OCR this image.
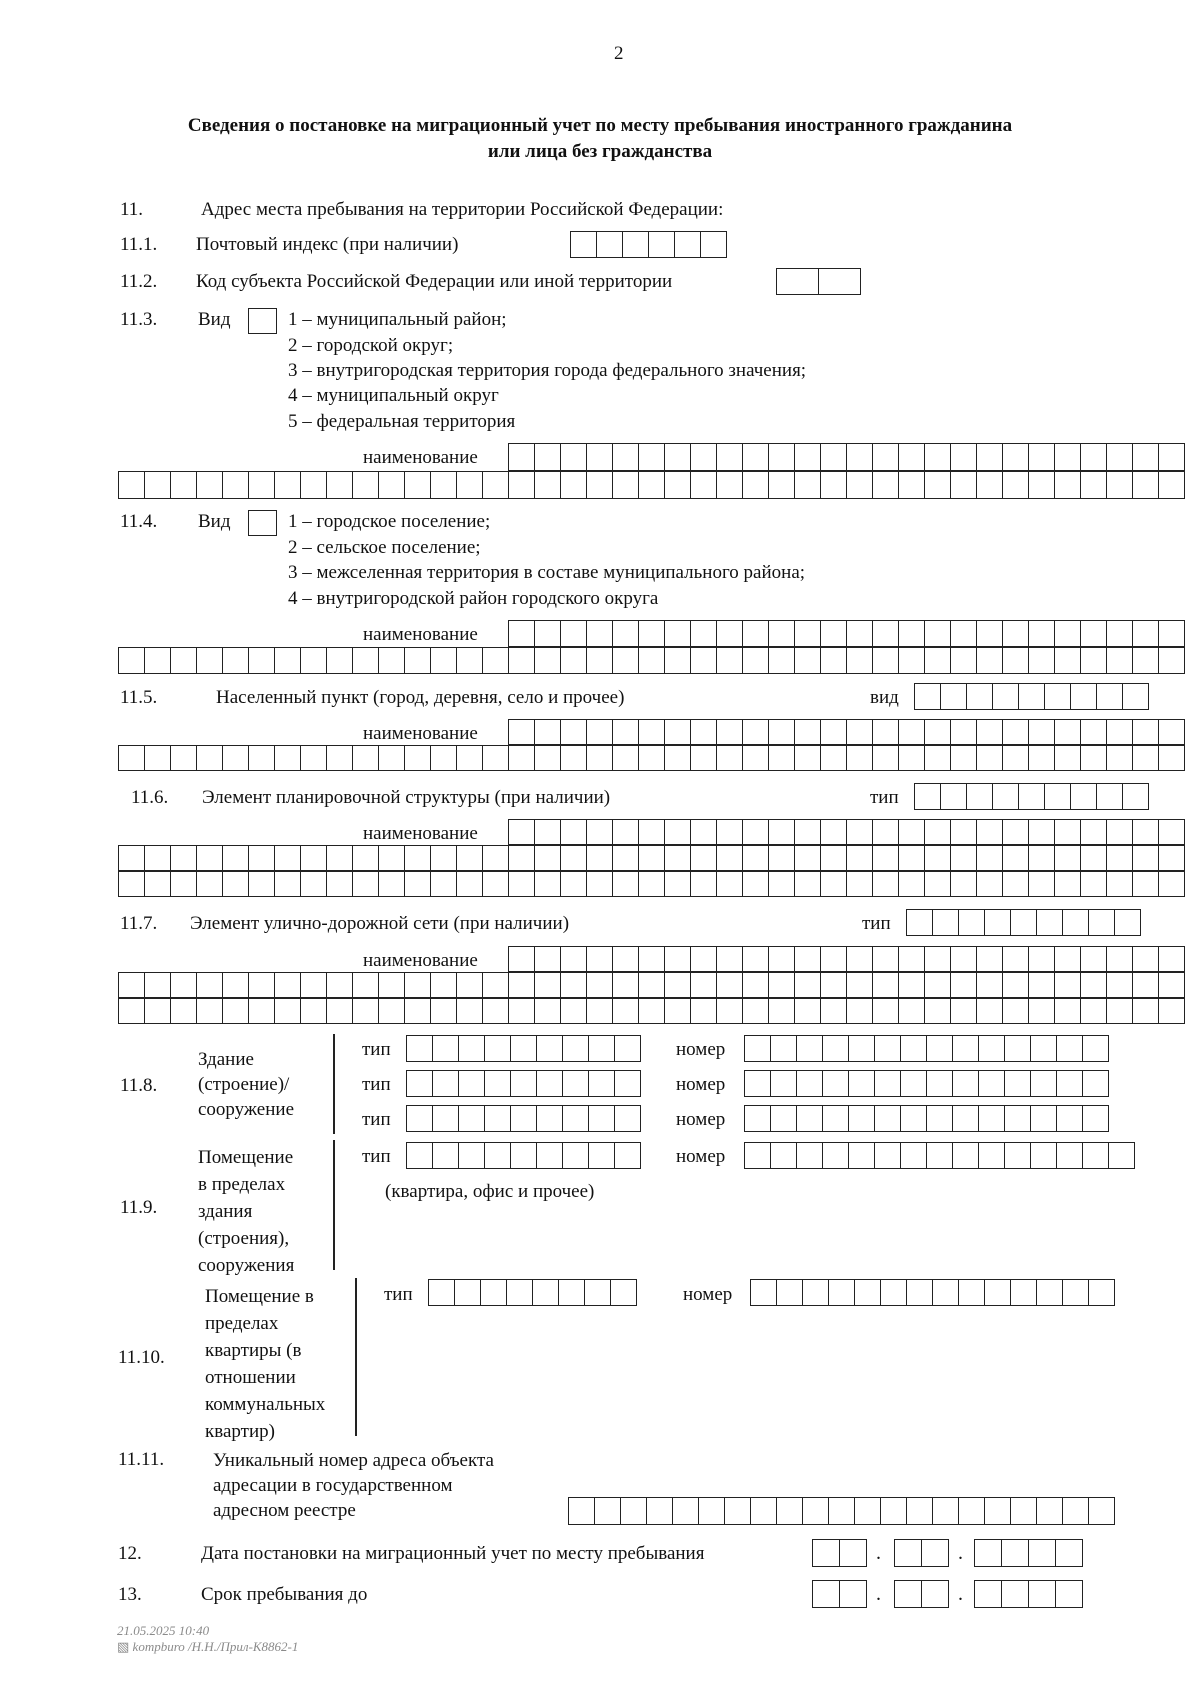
2
Сведения о постановке на миграционный учет по месту пребывания иностранного гражданина
или лица без гражданства
11.	Адрес места пребывания на территории Российской Федерации:
11.1. Почтовый индекс (при наличии)
11.2. Код субъекта Российской Федерации или иной территории
11.3. Вид	1 – муниципальный район;
2 – городской округ;
3 – внутригородская территория города федерального значения;
4 – муниципальный округ
5 – федеральная территория
наименование
11.4. Вид	1 – городское поселение;
2 – сельское поселение;
3 – межселенная территория в составе муниципального района;
4 – внутригородской район городского округа
наименование
11.5.	Населенный пункт (город, деревня, село и прочее)	вид
наименование
11.6. Элемент планировочной структуры (при наличии)	тип
наименование
11.7. Элемент улично-дорожной сети (при наличии)	тип
наименование
11.8.
Здание
(строение)/
сооружение
тип	номер
тип	номер
тип	номер
11.9.
Помещение
в пределах
здания
(строения),
сооружения
тип	номер
(квартира, офис и прочее)
11.10.
Помещение в
пределах
квартиры (в
отношении
коммунальных
квартир)
тип	номер
11.11.	Уникальный номер адреса объекта
адресации в государственном
адресном реестре
12.	Дата постановки на миграционный учет по месту пребывания	.	.
13.	Срок пребывания до	.	.
21.05.2025 10:40
▧ kompburo /Н.Н./Прил-К8862-1
